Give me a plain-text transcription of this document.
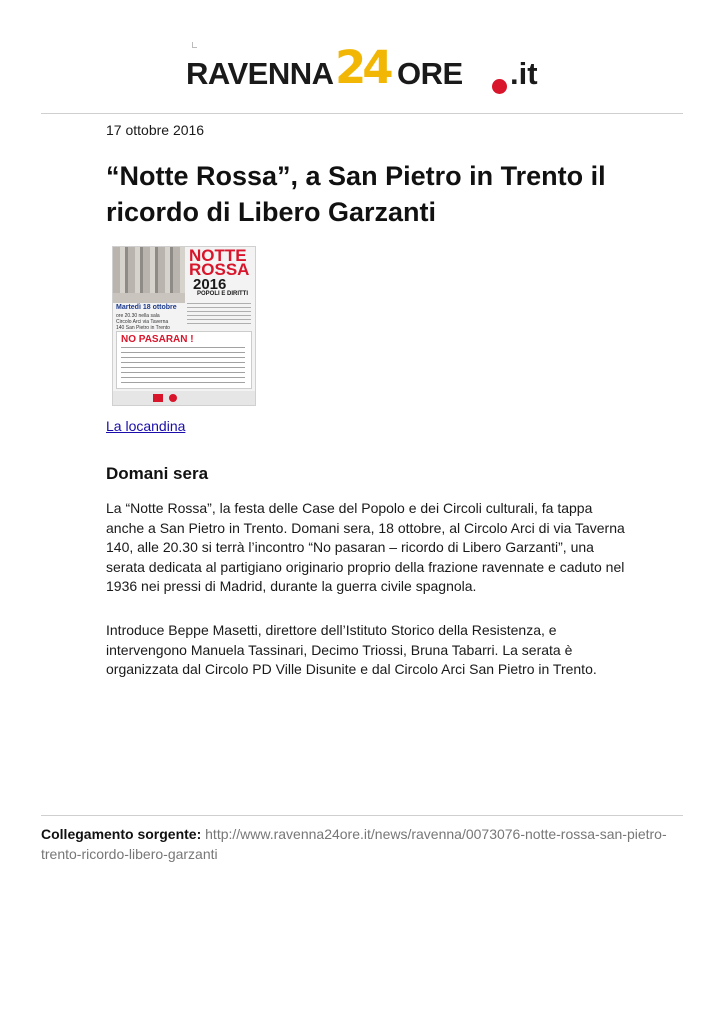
RAVENNA 24 ORE .it
17 ottobre 2016
“Notte Rossa”, a San Pietro in Trento il ricordo di Libero Garzanti
NOTTE
ROSSA
2016
POPOLI E DIRITTI
Martedì 18 ottobre
ore 20.30 nella sala Circolo Arci via Taverna 140 San Pietro in Trento
NO PASARAN !
La locandina
Domani sera

La “Notte Rossa”, la festa delle Case del Popolo e dei Circoli culturali, fa tappa anche a San Pietro in Trento. Domani sera, 18 ottobre, al Circolo Arci di via Taverna 140, alle 20.30 si terrà l’incontro “No pasaran – ricordo di Libero Garzanti”, una serata dedicata al partigiano originario proprio della frazione ravennate e caduto nel 1936 nei pressi di Madrid, durante la guerra civile spagnola.

Introduce Beppe Masetti, direttore dell’Istituto Storico della Resistenza, e intervengono Manuela Tassinari, Decimo Triossi, Bruna Tabarri. La serata è organizzata dal Circolo PD Ville Disunite e dal Circolo Arci San Pietro in Trento.

Collegamento sorgente: http://www.ravenna24ore.it/news/ravenna/0073076-notte-rossa-san-pietro-trento-ricordo-libero-garzanti
